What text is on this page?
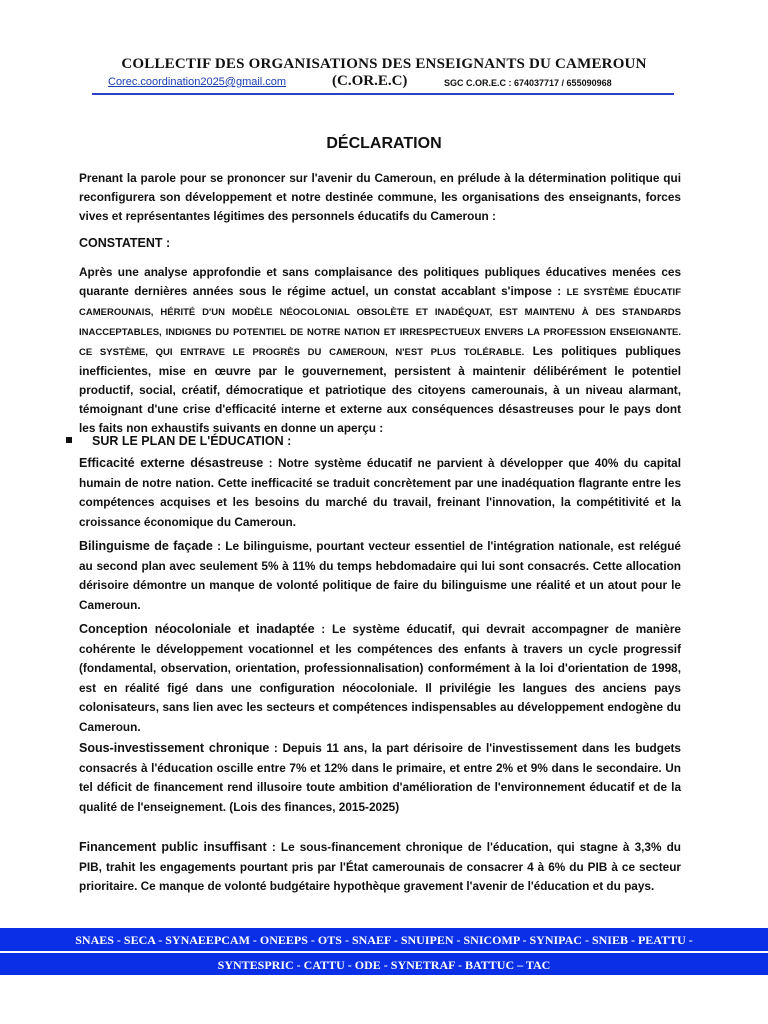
COLLECTIF DES ORGANISATIONS DES ENSEIGNANTS DU CAMEROUN
Corec.coordination2025@gmail.com	(C.OR.E.C)	SGC C.OR.E.C : 674037717 / 655090968
DÉCLARATION
Prenant la parole pour se prononcer sur l'avenir du Cameroun, en prélude à la détermination politique qui reconfigurera son développement et notre destinée commune, les organisations des enseignants, forces vives et représentantes légitimes des personnels éducatifs du Cameroun :
CONSTATENT :
Après une analyse approfondie et sans complaisance des politiques publiques éducatives menées ces quarante dernières années sous le régime actuel, un constat accablant s'impose : LE SYSTÈME ÉDUCATIF CAMEROUNAIS, HÉRITÉ D'UN MODÈLE NÉOCOLONIAL OBSOLÈTE ET INADÉQUAT, EST MAINTENU À DES STANDARDS INACCEPTABLES, INDIGNES DU POTENTIEL DE NOTRE NATION ET IRRESPECTUEUX ENVERS LA PROFESSION ENSEIGNANTE. CE SYSTÈME, QUI ENTRAVE LE PROGRÈS DU CAMEROUN, N'EST PLUS TOLÉRABLE. Les politiques publiques inefficientes, mise en œuvre par le gouvernement, persistent à maintenir délibérément le potentiel productif, social, créatif, démocratique et patriotique des citoyens camerounais, à un niveau alarmant, témoignant d'une crise d'efficacité interne et externe aux conséquences désastreuses pour le pays dont les faits non exhaustifs suivants en donne un aperçu :
SUR LE PLAN DE L'ÉDUCATION :
Efficacité externe désastreuse : Notre système éducatif ne parvient à développer que 40% du capital humain de notre nation. Cette inefficacité se traduit concrètement par une inadéquation flagrante entre les compétences acquises et les besoins du marché du travail, freinant l'innovation, la compétitivité et la croissance économique du Cameroun.
Bilinguisme de façade : Le bilinguisme, pourtant vecteur essentiel de l'intégration nationale, est relégué au second plan avec seulement 5% à 11% du temps hebdomadaire qui lui sont consacrés. Cette allocation dérisoire démontre un manque de volonté politique de faire du bilinguisme une réalité et un atout pour le Cameroun.
Conception néocoloniale et inadaptée : Le système éducatif, qui devrait accompagner de manière cohérente le développement vocationnel et les compétences des enfants à travers un cycle progressif (fondamental, observation, orientation, professionnalisation) conformément à la loi d'orientation de 1998, est en réalité figé dans une configuration néocoloniale. Il privilégie les langues des anciens pays colonisateurs, sans lien avec les secteurs et compétences indispensables au développement endogène du Cameroun.
Sous-investissement chronique : Depuis 11 ans, la part dérisoire de l'investissement dans les budgets consacrés à l'éducation oscille entre 7% et 12% dans le primaire, et entre 2% et 9% dans le secondaire. Un tel déficit de financement rend illusoire toute ambition d'amélioration de l'environnement éducatif et de la qualité de l'enseignement. (Lois des finances, 2015-2025)
Financement public insuffisant : Le sous-financement chronique de l'éducation, qui stagne à 3,3% du PIB, trahit les engagements pourtant pris par l'État camerounais de consacrer 4 à 6% du PIB à ce secteur prioritaire. Ce manque de volonté budgétaire hypothèque gravement l'avenir de l'éducation et du pays.
SNAES - SECA - SYNAEEPCAM - ONEEPS - OTS - SNAEF - SNUIPEN - SNICOMP - SYNIPAC - SNIEB - PEATTU -
SYNTESPRIC - CATTU - ODE - SYNETRAF - BATTUC – TAC
